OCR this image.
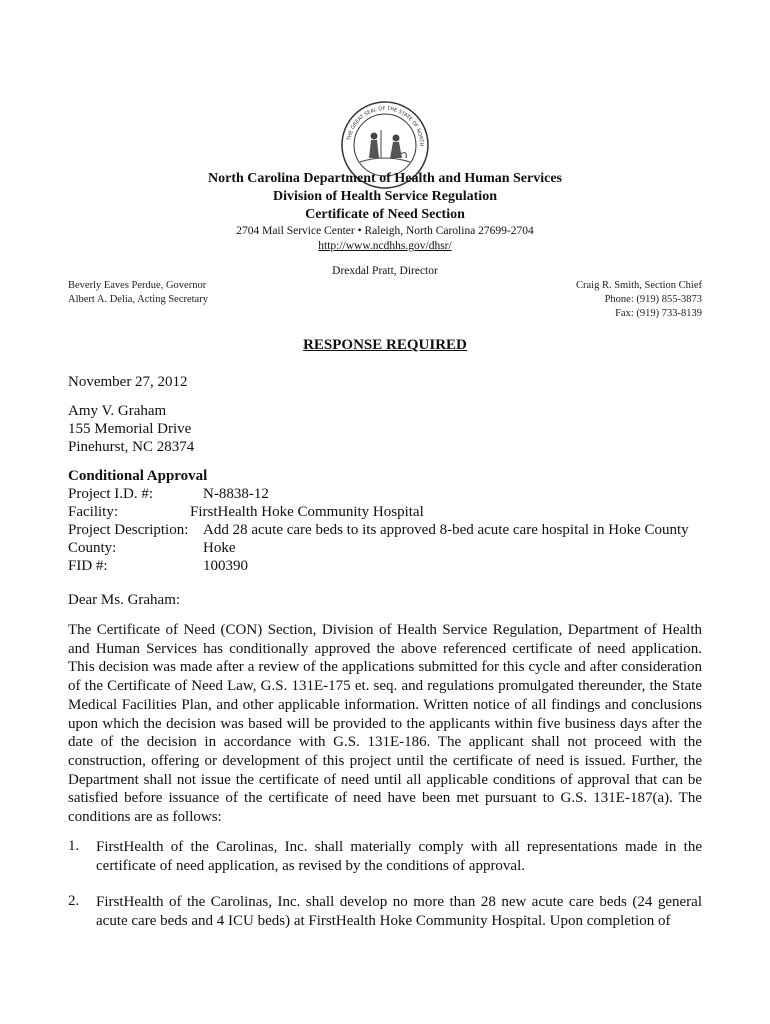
THE GREAT SEAL OF THE STATE OF NORTH
North Carolina Department of Health and Human Services
Division of Health Service Regulation
Certificate of Need Section
2704 Mail Service Center • Raleigh, North Carolina 27699-2704
http://www.ncdhhs.gov/dhsr/
Drexdal Pratt, Director
Beverly Eaves Perdue, Governor
Albert A. Delia, Acting Secretary
Craig R. Smith, Section Chief
Phone: (919) 855-3873
Fax: (919) 733-8139
RESPONSE REQUIRED
November 27, 2012
Amy V. Graham
155 Memorial Drive
Pinehurst, NC 28374
Conditional Approval
Project I.D. #:	N-8838-12
Facility:	FirstHealth Hoke Community Hospital
Project Description: Add 28 acute care beds to its approved 8-bed acute care hospital in Hoke County
County:	Hoke
FID #:	100390
Dear Ms. Graham:
The Certificate of Need (CON) Section, Division of Health Service Regulation, Department of Health and Human Services has conditionally approved the above referenced certificate of need application. This decision was made after a review of the applications submitted for this cycle and after consideration of the Certificate of Need Law, G.S. 131E-175 et. seq. and regulations promulgated thereunder, the State Medical Facilities Plan, and other applicable information. Written notice of all findings and conclusions upon which the decision was based will be provided to the applicants within five business days after the date of the decision in accordance with G.S. 131E-186. The applicant shall not proceed with the construction, offering or development of this project until the certificate of need is issued. Further, the Department shall not issue the certificate of need until all applicable conditions of approval that can be satisfied before issuance of the certificate of need have been met pursuant to G.S. 131E-187(a). The conditions are as follows:
1. FirstHealth of the Carolinas, Inc. shall materially comply with all representations made in the certificate of need application, as revised by the conditions of approval.
2. FirstHealth of the Carolinas, Inc. shall develop no more than 28 new acute care beds (24 general acute care beds and 4 ICU beds) at FirstHealth Hoke Community Hospital. Upon completion of
